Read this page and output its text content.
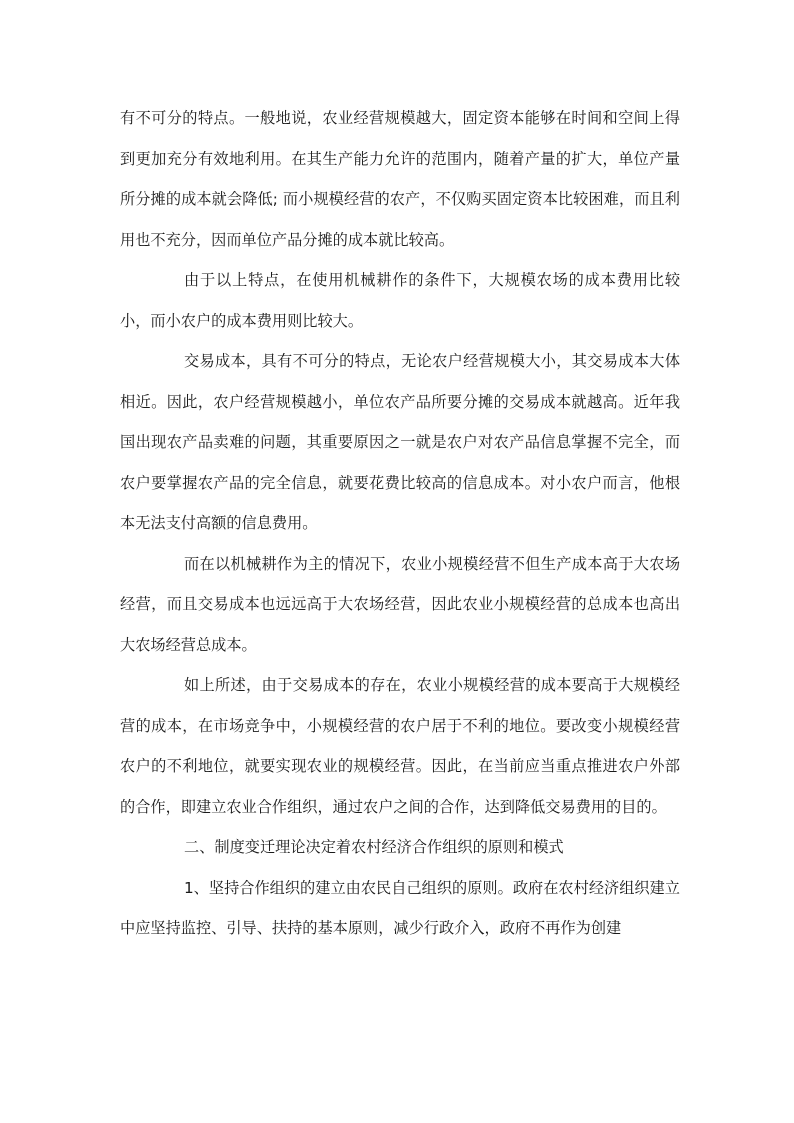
有不可分的特点。一般地说，农业经营规模越大，固定资本能够在时间和空间上得到更加充分有效地利用。在其生产能力允许的范围内，随着产量的扩大，单位产量所分摊的成本就会降低; 而小规模经营的农产，不仅购买固定资本比较困难，而且利用也不充分，因而单位产品分摊的成本就比较高。

由于以上特点，在使用机械耕作的条件下，大规模农场的成本费用比较小，而小农户的成本费用则比较大。

交易成本，具有不可分的特点，无论农户经营规模大小，其交易成本大体相近。因此，农户经营规模越小，单位农产品所要分摊的交易成本就越高。近年我国出现农产品卖难的问题，其重要原因之一就是农户对农产品信息掌握不完全，而农户要掌握农产品的完全信息，就要花费比较高的信息成本。对小农户而言，他根本无法支付高额的信息费用。

而在以机械耕作为主的情况下，农业小规模经营不但生产成本高于大农场经营，而且交易成本也远远高于大农场经营，因此农业小规模经营的总成本也高出大农场经营总成本。

如上所述，由于交易成本的存在，农业小规模经营的成本要高于大规模经营的成本，在市场竞争中，小规模经营的农户居于不利的地位。要改变小规模经营农户的不利地位，就要实现农业的规模经营。因此，在当前应当重点推进农户外部的合作，即建立农业合作组织，通过农户之间的合作，达到降低交易费用的目的。

二、制度变迁理论决定着农村经济合作组织的原则和模式

1、坚持合作组织的建立由农民自己组织的原则。政府在农村经济组织建立中应坚持监控、引导、扶持的基本原则，减少行政介入，政府不再作为创建
